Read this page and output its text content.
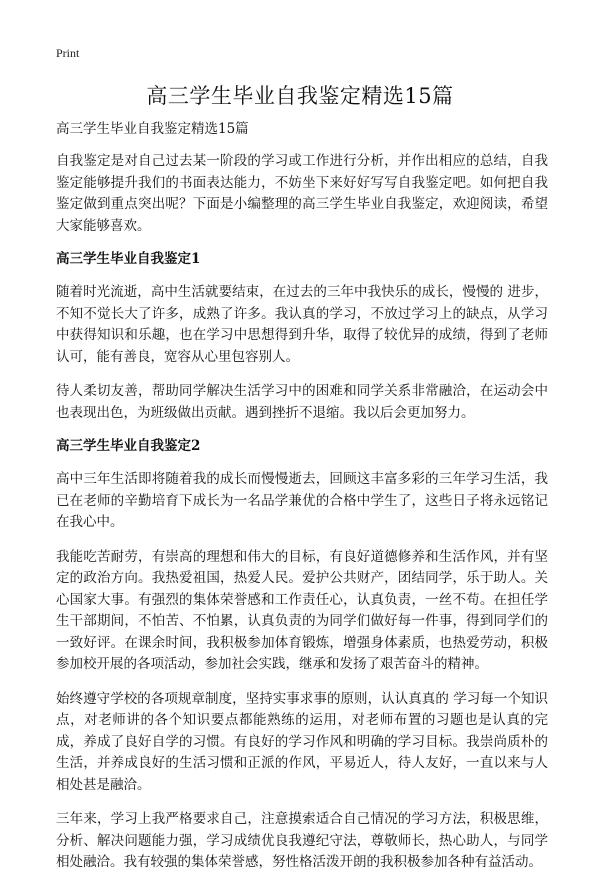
Print
高三学生毕业自我鉴定精选15篇
高三学生毕业自我鉴定精选15篇

自我鉴定是对自己过去某一阶段的学习或工作进行分析，并作出相应的总结，自我鉴定能够提升我们的书面表达能力，不妨坐下来好好写写自我鉴定吧。如何把自我鉴定做到重点突出呢？下面是小编整理的高三学生毕业自我鉴定，欢迎阅读，希望大家能够喜欢。

高三学生毕业自我鉴定1

随着时光流逝，高中生活就要结束，在过去的三年中我快乐的成长，慢慢的 进步，不知不觉长大了许多，成熟了许多。我认真的学习，不放过学习上的缺点，从学习中获得知识和乐趣，也在学习中思想得到升华，取得了较优异的成绩，得到了老师认可，能有善良，宽容从心里包容别人。

待人柔切友善，帮助同学解决生活学习中的困难和同学关系非常融洽，在运动会中也表现出色，为班级做出贡献。遇到挫折不退缩。我以后会更加努力。

高三学生毕业自我鉴定2

高中三年生活即将随着我的成长而慢慢逝去，回顾这丰富多彩的三年学习生活，我已在老师的辛勤培育下成长为一名品学兼优的合格中学生了，这些日子将永远铭记在我心中。

我能吃苦耐劳，有崇高的理想和伟大的目标，有良好道德修养和生活作风，并有坚定的政治方向。我热爱祖国，热爱人民。爱护公共财产，团结同学，乐于助人。关心国家大事。有强烈的集体荣誉感和工作责任心，认真负责，一丝不苟。在担任学生干部期间，不怕苦、不怕累，认真负责的为同学们做好每一件事，得到同学们的一致好评。在课余时间，我积极参加体育锻炼，增强身体素质，也热爱劳动，积极参加校开展的各项活动，参加社会实践，继承和发扬了艰苦奋斗的精神。

始终遵守学校的各项规章制度，坚持实事求事的原则，认认真真的 学习每一个知识点，对老师讲的各个知识要点都能熟练的运用，对老师布置的习题也是认真的完成，养成了良好自学的习惯。有良好的学习作风和明确的学习目标。我崇尚质朴的生活，并养成良好的生活习惯和正派的作风，平易近人，待人友好，一直以来与人相处甚是融洽。

三年来，学习上我严格要求自己，注意摸索适合自己情况的学习方法，积极思维，分析、解决问题能力强，学习成绩优良我遵纪守法，尊敬师长，热心助人，与同学相处融洽。我有较强的集体荣誉感，努性格活泼开朗的我积极参加各种有益活动。
